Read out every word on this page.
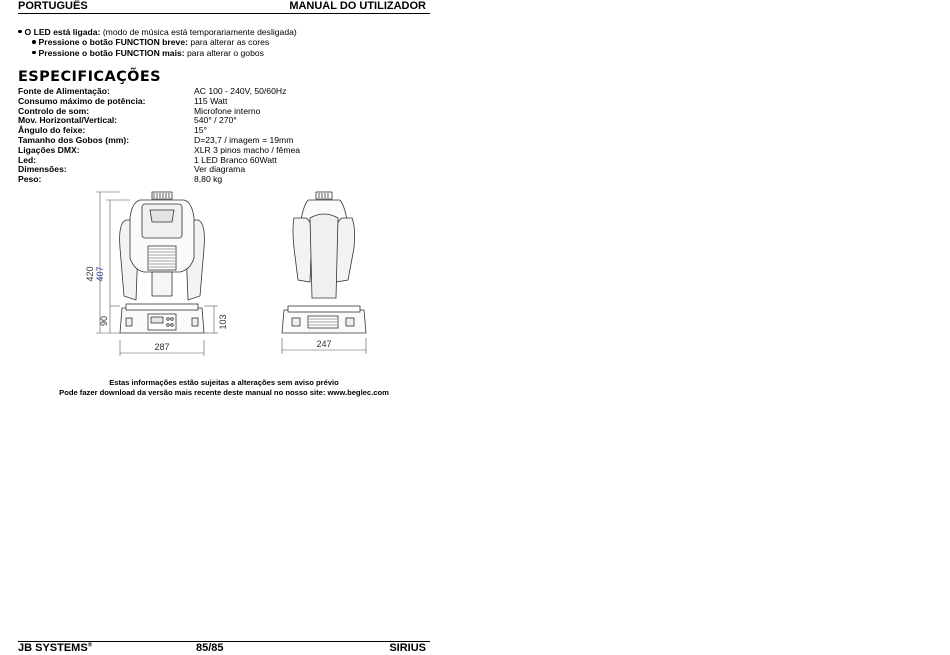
PORTUGUÊS	MANUAL DO UTILIZADOR
O LED está ligada: (modo de música está temporariamente desligada)
Pressione o botão FUNCTION breve: para alterar as cores
Pressione o botão FUNCTION mais: para alterar o gobos
ESPECIFICAÇÕES
Fonte de Alimentação:	AC 100 - 240V, 50/60Hz
Consumo máximo de potência:	115 Watt
Controlo de som:	Microfone interno
Mov. Horizontal/Vertical:	540° / 270°
Ângulo do feixe:	15°
Tamanho dos Gobos (mm):	D=23,7 / imagem = 19mm
Ligações DMX:	XLR 3 pinos macho / fêmea
Led:	1 LED Branco 60Watt
Dimensões:	Ver diagrama
Peso:	8,80 kg
420 407
90	103
287	247
Estas informações estão sujeitas a alterações sem aviso prévio
Pode fazer download da versão mais recente deste manual no nosso site: www.beglec.com
JB SYSTEMS®	85/85	SIRIUS
